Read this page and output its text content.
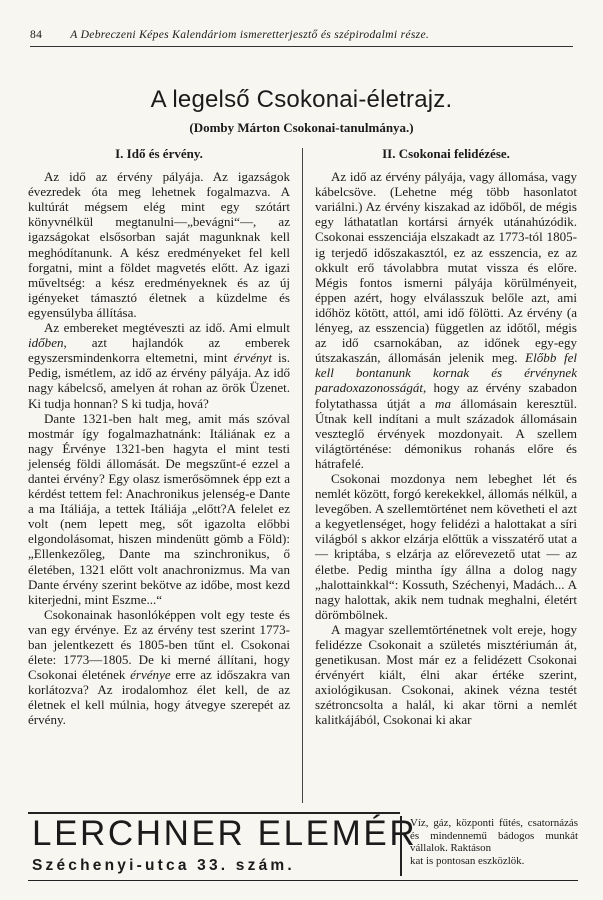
84 A Debreczeni Képes Kalendáriom ismeretterjesztő és szépirodalmi része.
A legelső Csokonai-életrajz.
(Domby Márton Csokonai-tanulmánya.)
I. Idő és érvény.

Az idő az érvény pályája. Az igazságok évezredek óta meg lehetnek fogalmazva. A kultúrát mégsem elég mint egy szótárt könyvnélkül megtanulni—„bevágni“—, az igazságokat elsősorban saját magunknak kell meghódítanunk. A kész eredményeket fel kell forgatni, mint a földet magvetés előtt. Az igazi műveltség: a kész eredményeknek és az új igényeket támasztó életnek a küzdelme és egyensúlyba állítása.

Az embereket megtéveszti az idő. Ami elmult időben, azt hajlandók az emberek egyszersmindenkorra eltemetni, mint érvényt is. Pedig, ismétlem, az idő az érvény pályája. Az idő nagy kábelcső, amelyen át rohan az örök Üzenet. Ki tudja honnan? S ki tudja, hová?

Dante 1321-ben halt meg, amit más szóval mostmár így fogalmazhatnánk: Itáliának ez a nagy Érvénye 1321-ben hagyta el mint testi jelenség földi állomását. De megszűnt-é ezzel a dantei érvény? Egy olasz ismerősömnek épp ezt a kérdést tettem fel: Anachronikus jelenség-e Dante a ma Itáliája, a tettek Itáliája „előtt?A felelet ez volt (nem lepett meg, sőt igazolta előbbi elgondolásomat, hiszen mindenütt gömb a Föld): „Ellenkezőleg, Dante ma szinchronikus, ő életében, 1321 előtt volt anachronizmus. Ma van Dante érvény szerint bekötve az időbe, most kezd kiterjedni, mint Eszme...“

Csokonainak hasonlóképpen volt egy teste és van egy érvénye. Ez az érvény test szerint 1773-ban jelentkezett és 1805-ben tűnt el. Csokonai élete: 1773—1805. De ki merné állítani, hogy Csokonai életének érvénye erre az időszakra van korlátozva? Az irodalomhoz élet kell, de az életnek el kell múlnia, hogy átvegye szerepét az érvény.

II. Csokonai felidézése.

Az idő az érvény pályája, vagy állomása, vagy kábelcsöve. (Lehetne még több hasonlatot variálni.) Az érvény kiszakad az időből, de mégis egy láthatatlan kortársi árnyék utánahúzódik. Csokonai esszenciája elszakadt az 1773-tól 1805-ig terjedő időszakasztól, ez az esszencia, ez az okkult erő távolabbra mutat vissza és előre. Mégis fontos ismerni pályája körülményeit, éppen azért, hogy elválasszuk belőle azt, ami időhöz kötött, attól, ami idő fölötti. Az érvény (a lényeg, az esszencia) független az időtől, mégis az idő csarnokában, az időnek egy-egy útszakaszán, állomásán jelenik meg. Előbb fel kell bontanunk kornak és érvénynek paradoxazonosságát, hogy az érvény szabadon folytathassa útját a ma állomásain keresztül. Útnak kell indítani a mult századok állomásain veszteglő érvények mozdonyait. A szellem világtörténése: démonikus rohanás előre és hátrafelé.

Csokonai mozdonya nem lebeghet lét és nemlét között, forgó kerekekkel, állomás nélkül, a levegőben. A szellemtörténet nem követheti el azt a kegyetlenséget, hogy felidézi a halottakat a síri világból s akkor elzárja előttük a visszatérő utat a — kriptába, s elzárja az előrevezető utat — az életbe. Pedig mintha így állna a dolog nagy „halottainkkal“: Kossuth, Széchenyi, Madách... A nagy halottak, akik nem tudnak meghalni, életért dörömbölnek.

A magyar szellemtörténetnek volt ereje, hogy felidézze Csokonait a születés misztériumán át, genetikusan. Most már ez a felidézett Csokonai érvényért kiált, élni akar értéke szerint, axiológikusan. Csokonai, akinek vézna testét szétroncsolta a halál, ki akar törni a nemlét kalitkájából, Csokonai ki akar

LERCHNER ELEMÉR
Széchenyi-utca 33. szám.
Víz, gáz, központi fűtés, csatornázás és mindennemű bádogos munkát vállalok. Raktáson
kat is pontosan eszközlök.
